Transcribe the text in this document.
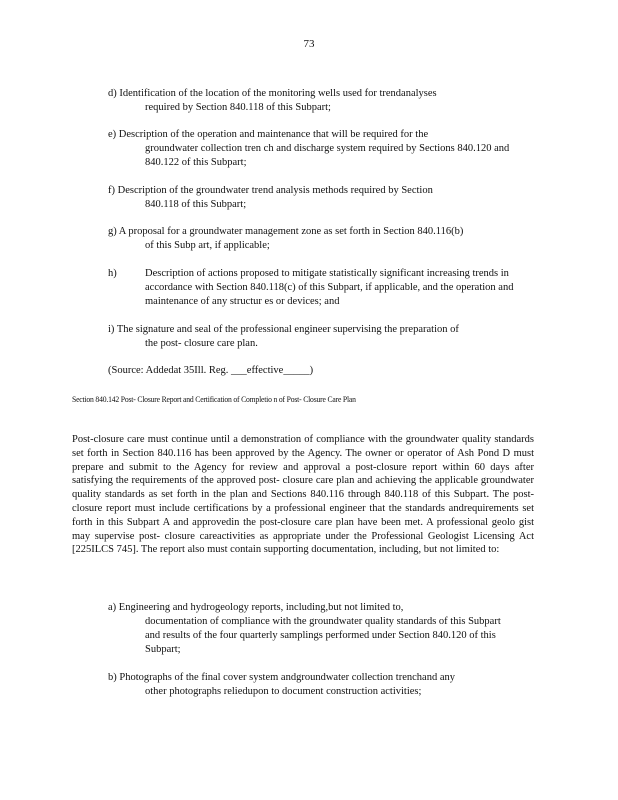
73
d) Identification of the location of the monitoring wells used for trendanalyses
required by Section 840.118 of this Subpart;
e) Description of the operation and maintenance that will be required for the
groundwater collection tren ch and discharge system required by Sections 840.120 and 840.122 of this Subpart;
f) Description of the groundwater trend analysis methods required by Section
840.118 of this Subpart;
g) A proposal for a groundwater management zone as set forth in Section 840.116(b)
of this Subp art, if applicable;
h)	Description of actions proposed to mitigate statistically significant increasing trends in accordance with Section 840.118(c) of this Subpart, if applicable, and the operation and maintenance of any structur es or devices; and
i) The signature and seal of the professional engineer supervising the preparation of
the post- closure care plan.
(Source: Addedat 35Ill. Reg. ___effective_____)
Section 840.142 Post- Closure Report and Certification of Completio n of Post- Closure Care Plan
Post-closure care must continue until a demonstration of compliance with the groundwater quality standards set forth in Section 840.116 has been approved by the Agency. The owner or operator of Ash Pond D must prepare and submit to the Agency for review and approval a post-closure report within 60 days after satisfying the requirements of the approved post- closure care plan and achieving the applicable groundwater quality standards as set forth in the plan and Sections 840.116 through 840.118 of this Subpart. The post-closure report must include certifications by a professional engineer that the standards andrequirements set forth in this Subpart A and approvedin the post-closure care plan have been met. A professional geolo gist may supervise post- closure careactivities as appropriate under the Professional Geologist Licensing Act [225ILCS 745]. The report also must contain supporting documentation, including, but not limited to:
a) Engineering and hydrogeology reports, including,but not limited to,
documentation of compliance with the groundwater quality standards of this Subpart and results of the four quarterly samplings performed under Section 840.120 of this Subpart;
b) Photographs of the final cover system andgroundwater collection trenchand any
other photographs reliedupon to document construction activities;
